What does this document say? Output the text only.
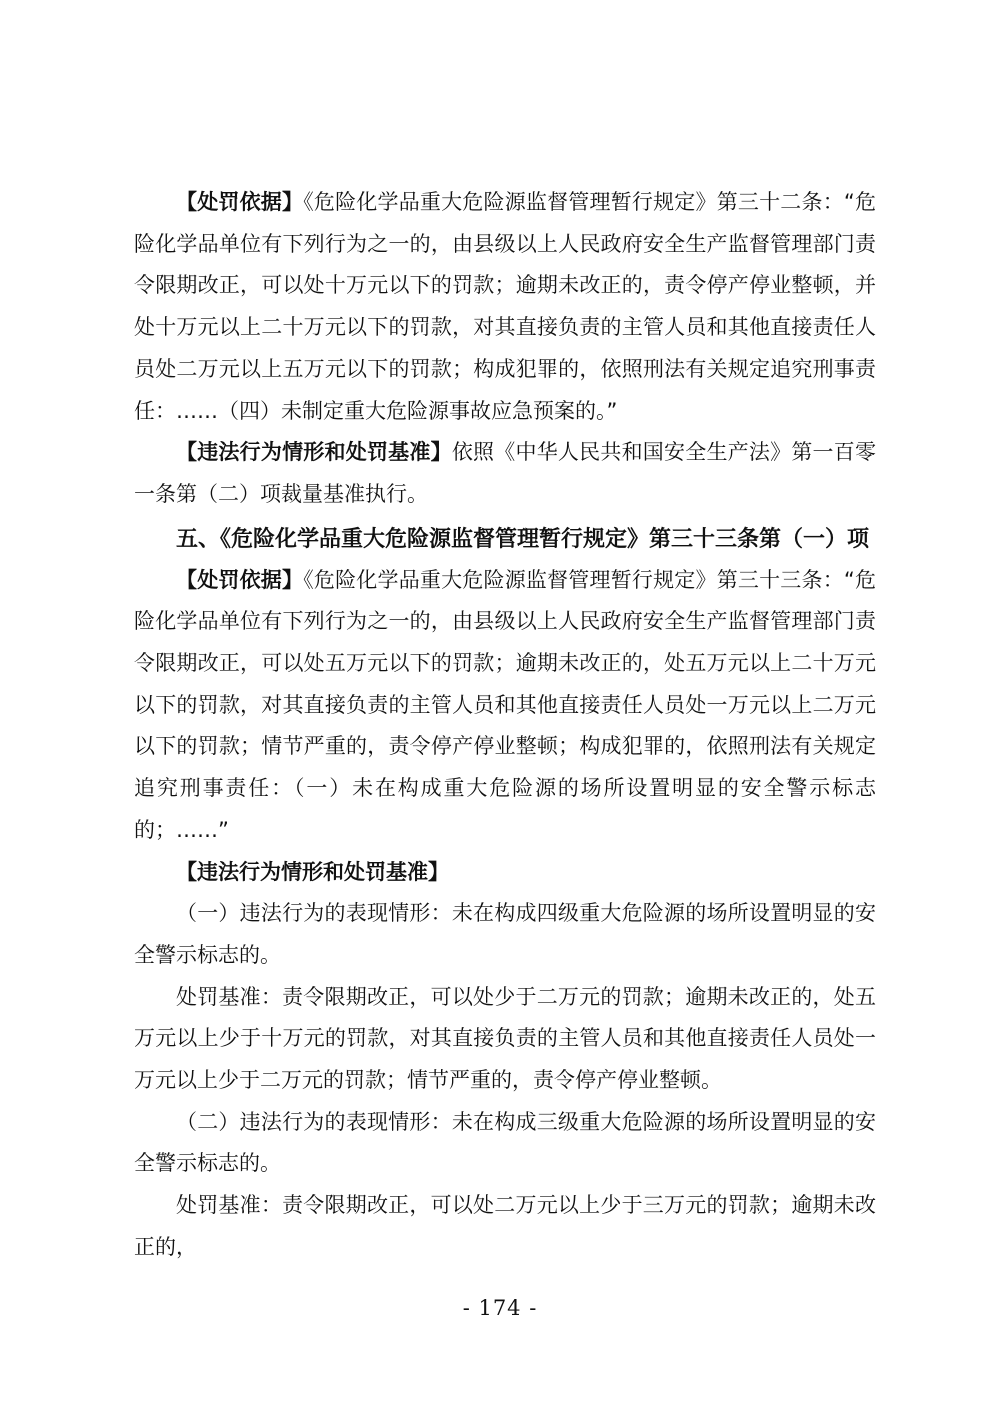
【处罚依据】《危险化学品重大危险源监督管理暂行规定》第三十二条：“危险化学品单位有下列行为之一的，由县级以上人民政府安全生产监督管理部门责令限期改正，可以处十万元以下的罚款；逾期未改正的，责令停产停业整顿，并处十万元以上二十万元以下的罚款，对其直接负责的主管人员和其他直接责任人员处二万元以上五万元以下的罚款；构成犯罪的，依照刑法有关规定追究刑事责任：……（四）未制定重大危险源事故应急预案的。”

【违法行为情形和处罚基准】依照《中华人民共和国安全生产法》第一百零一条第（二）项裁量基准执行。

五、《危险化学品重大危险源监督管理暂行规定》第三十三条第（一）项

【处罚依据】《危险化学品重大危险源监督管理暂行规定》第三十三条：“危险化学品单位有下列行为之一的，由县级以上人民政府安全生产监督管理部门责令限期改正，可以处五万元以下的罚款；逾期未改正的，处五万元以上二十万元以下的罚款，对其直接负责的主管人员和其他直接责任人员处一万元以上二万元以下的罚款；情节严重的，责令停产停业整顿；构成犯罪的，依照刑法有关规定追究刑事责任：（一）未在构成重大危险源的场所设置明显的安全警示标志的；……”

【违法行为情形和处罚基准】

（一）违法行为的表现情形：未在构成四级重大危险源的场所设置明显的安全警示标志的。

处罚基准：责令限期改正，可以处少于二万元的罚款；逾期未改正的，处五万元以上少于十万元的罚款，对其直接负责的主管人员和其他直接责任人员处一万元以上少于二万元的罚款；情节严重的，责令停产停业整顿。

（二）违法行为的表现情形：未在构成三级重大危险源的场所设置明显的安全警示标志的。

处罚基准：责令限期改正，可以处二万元以上少于三万元的罚款；逾期未改正的，

- 174 -
